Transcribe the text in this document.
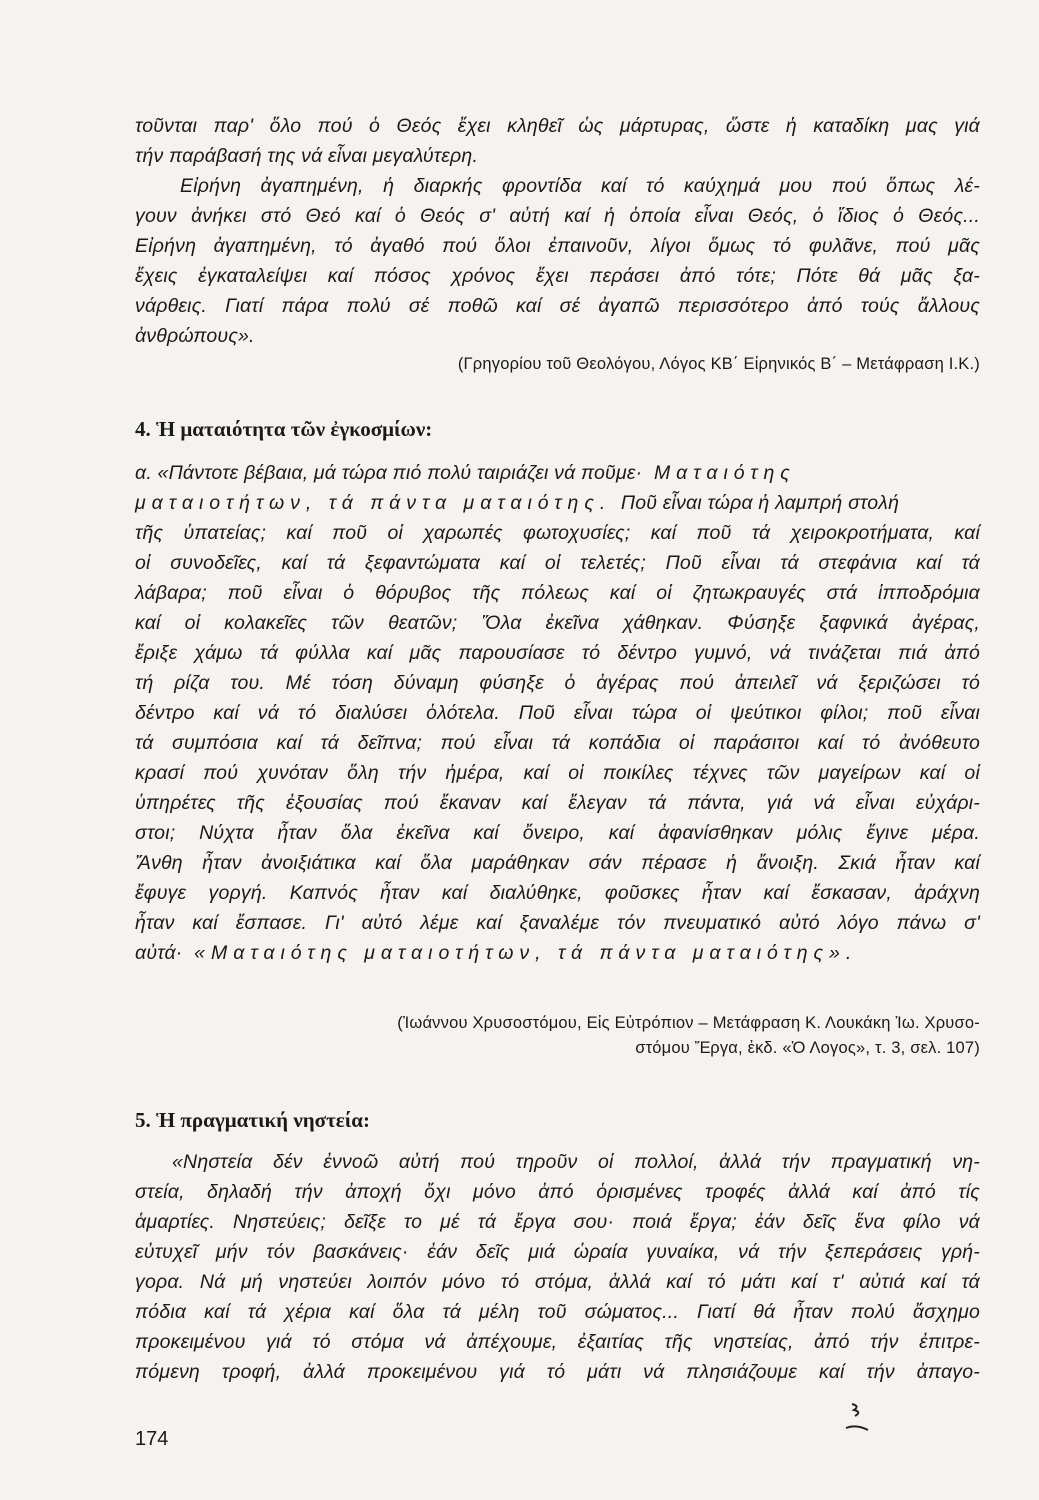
τοῦνται παρ' ὅλο πού ὁ Θεός ἔχει κληθεῖ ὡς μάρτυρας, ὥστε ἡ καταδίκη μας γιά
τήν παράβασή της νά εἶναι μεγαλύτερη.
Εἰρήνη ἀγαπημένη, ἡ διαρκής φροντίδα καί τό καύχημά μου πού ὅπως λέ-
γουν ἀνήκει στό Θεό καί ὁ Θεός σ' αὐτή καί ἡ ὁποία εἶναι Θεός, ὁ ἴδιος ὁ Θεός...
Εἰρήνη ἀγαπημένη, τό ἀγαθό πού ὅλοι ἐπαινοῦν, λίγοι ὅμως τό φυλᾶνε, πού μᾶς
ἔχεις ἐγκαταλείψει καί πόσος χρόνος ἔχει περάσει ἀπό τότε; Πότε θά μᾶς ξα-
νάρθεις. Γιατί πάρα πολύ σέ ποθῶ καί σέ ἀγαπῶ περισσότερο ἀπό τούς ἄλλους
ἀνθρώπους».
(Γρηγορίου τοῦ Θεολόγου, Λόγος ΚΒ΄ Εἰρηνικός Β΄ – Μετάφραση Ι.Κ.)
4. Ἡ ματαιότητα τῶν ἐγκοσμίων:
α. «Πάντοτε βέβαια, μά τώρα πιό πολύ ταιριάζει νά ποῦμε· Ματαιότης
ματαιοτήτων, τά πάντα ματαιότης. Ποῦ εἶναι τώρα ἡ λαμπρή στολή
τῆς ὑπατείας; καί ποῦ οἱ χαρωπές φωτοχυσίες; καί ποῦ τά χειροκροτήματα, καί
οἱ συνοδεῖες, καί τά ξεφαντώματα καί οἱ τελετές; Ποῦ εἶναι τά στεφάνια καί τά
λάβαρα; ποῦ εἶναι ὁ θόρυβος τῆς πόλεως καί οἱ ζητωκραυγές στά ἱπποδρόμια
καί οἱ κολακεῖες τῶν θεατῶν; Ὅλα ἐκεῖνα χάθηκαν. Φύσηξε ξαφνικά ἀγέρας,
ἔριξε χάμω τά φύλλα καί μᾶς παρουσίασε τό δέντρο γυμνό, νά τινάζεται πιά ἀπό
τή ρίζα του. Μέ τόση δύναμη φύσηξε ὁ ἀγέρας πού ἀπειλεῖ νά ξεριζώσει τό
δέντρο καί νά τό διαλύσει ὁλότελα. Ποῦ εἶναι τώρα οἱ ψεύτικοι φίλοι; ποῦ εἶναι
τά συμπόσια καί τά δεῖπνα; πού εἶναι τά κοπάδια οἱ παράσιτοι καί τό ἀνόθευτο
κρασί πού χυνόταν ὅλη τήν ἡμέρα, καί οἱ ποικίλες τέχνες τῶν μαγείρων καί οἱ
ὑπηρέτες τῆς ἐξουσίας πού ἔκαναν καί ἔλεγαν τά πάντα, γιά νά εἶναι εὐχάρι-
στοι; Νύχτα ἦταν ὅλα ἐκεῖνα καί ὄνειρο, καί ἀφανίσθηκαν μόλις ἔγινε μέρα.
Ἄνθη ἦταν ἀνοιξιάτικα καί ὅλα μαράθηκαν σάν πέρασε ἡ ἄνοιξη. Σκιά ἦταν καί
ἔφυγε γοργή. Καπνός ἦταν καί διαλύθηκε, φοῦσκες ἦταν καί ἔσκασαν, ἀράχνη
ἦταν καί ἔσπασε. Γι' αὐτό λέμε καί ξαναλέμε τόν πνευματικό αὐτό λόγο πάνω σ'
αὐτά· «Ματαιότης ματαιοτήτων, τά πάντα ματαιότης».
(Ἰωάννου Χρυσοστόμου, Εἰς Εὐτρόπιον – Μετάφραση Κ. Λουκάκη Ἰω. Χρυσο-
στόμου Ἔργα, ἐκδ. «Ὁ Λογος», τ. 3, σελ. 107)
5. Ἡ πραγματική νηστεία:
«Νηστεία δέν ἐννοῶ αὐτή πού τηροῦν οἱ πολλοί, ἀλλά τήν πραγματική νη-
στεία, δηλαδή τήν ἀποχή ὄχι μόνο ἀπό ὁρισμένες τροφές ἀλλά καί ἀπό τίς
ἁμαρτίες. Νηστεύεις; δεῖξε το μέ τά ἔργα σου· ποιά ἔργα; ἐάν δεῖς ἕνα φίλο νά
εὐτυχεῖ μήν τόν βασκάνεις· ἐάν δεῖς μιά ὡραία γυναίκα, νά τήν ξεπεράσεις γρή-
γορα. Νά μή νηστεύει λοιπόν μόνο τό στόμα, ἀλλά καί τό μάτι καί τ' αὐτιά καί τά
πόδια καί τά χέρια καί ὅλα τά μέλη τοῦ σώματος... Γιατί θά ἦταν πολύ ἄσχημο
προκειμένου γιά τό στόμα νά ἀπέχουμε, ἐξαιτίας τῆς νηστείας, ἀπό τήν ἐπιτρε-
πόμενη τροφή, ἀλλά προκειμένου γιά τό μάτι νά πλησιάζουμε καί τήν ἀπαγο-
174
